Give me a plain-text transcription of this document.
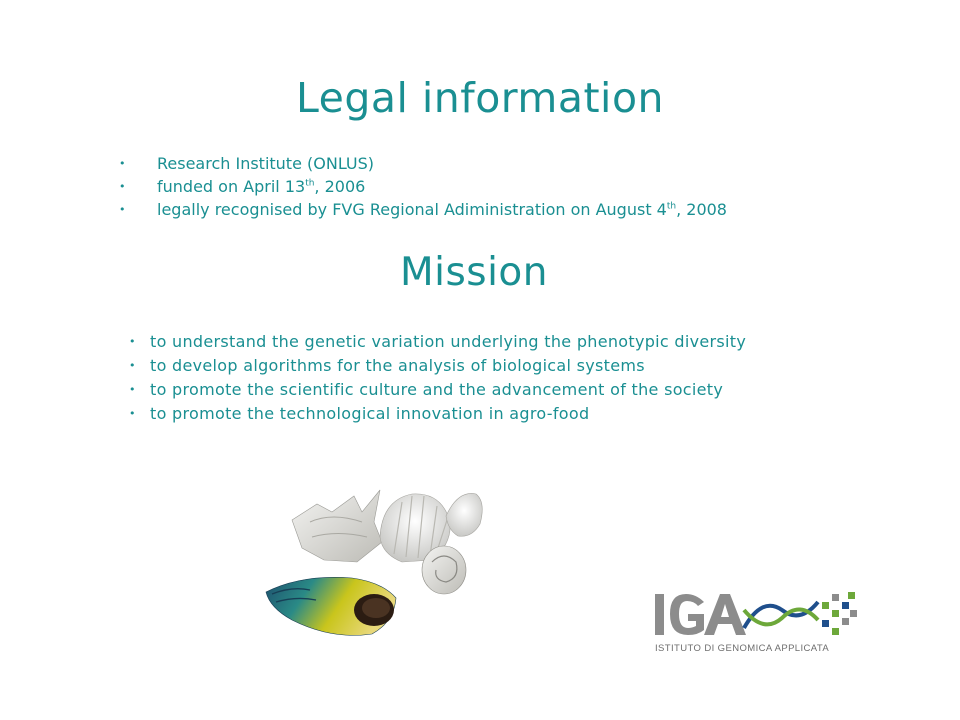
Legal information
• Research Institute (ONLUS)
• funded on April 13th, 2006
• legally recognised by FVG Regional Adiministration on August 4th, 2008
Mission
• to understand the genetic variation underlying the phenotypic diversity
• to develop algorithms for the analysis of biological systems
• to promote the scientific culture and the advancement of the society
• to promote the technological innovation in agro-food
ISTITUTO DI GENOMICA APPLICATA
